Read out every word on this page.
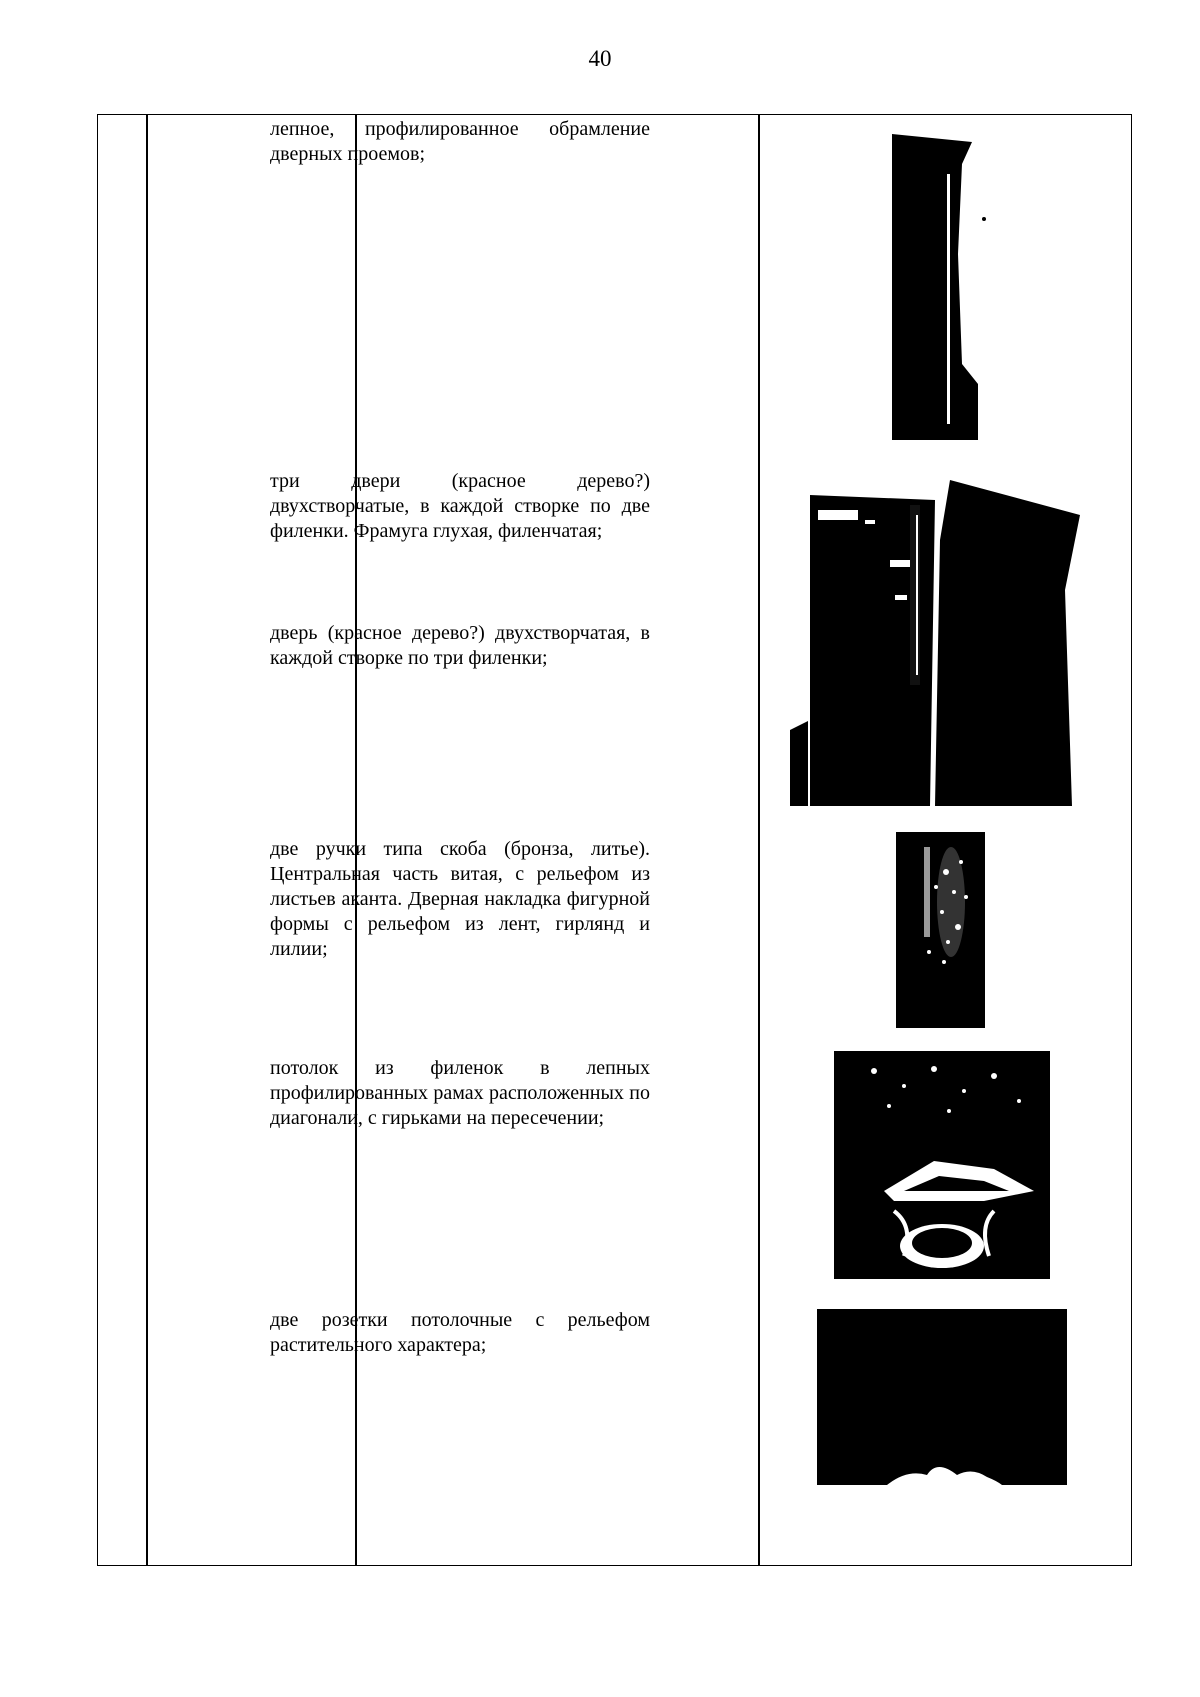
40
лепное, профилированное обрамление дверных проемов;
три двери (красное дерево?) двухстворчатые, в каждой створке по две филенки. Фрамуга глухая, филенчатая;
дверь (красное дерево?) двухстворчатая, в каждой створке по три филенки;
две ручки типа скоба (бронза, литье). Центральная часть витая, с рельефом из листьев аканта. Дверная накладка фигурной формы с рельефом из лент, гирлянд и лилии;
потолок из филенок в лепных профилированных рамах расположенных по диагонали, с гирьками на пересечении;
две розетки потолочные с рельефом растительного характера;
